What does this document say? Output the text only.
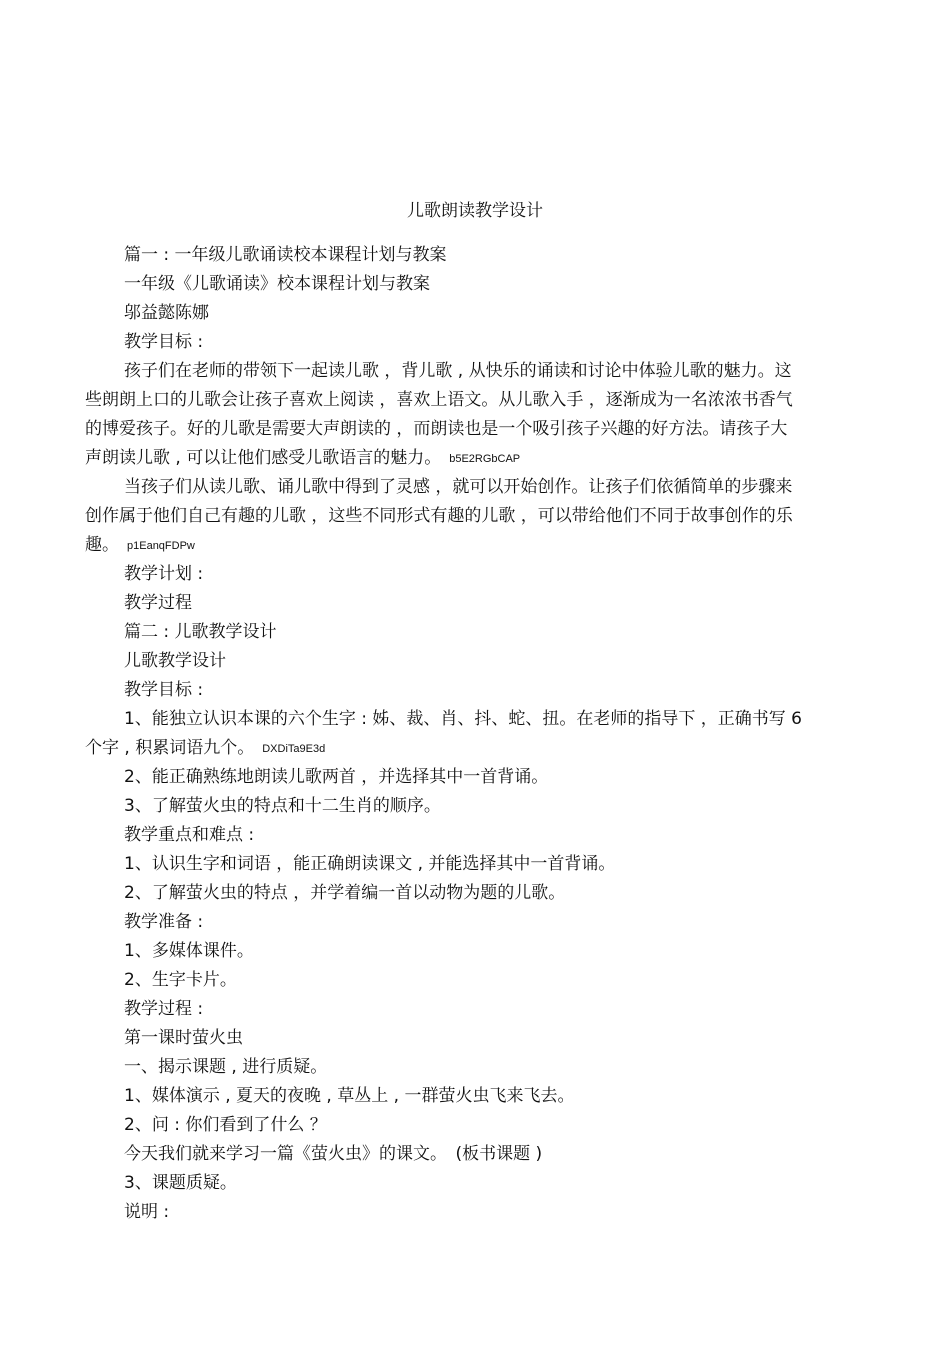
儿歌朗读教学设计
篇一 : 一年级儿歌诵读校本课程计划与教案
一年级《儿歌诵读》校本课程计划与教案
邬益懿陈娜
教学目标 :
孩子们在老师的带领下一起读儿歌 ，背儿歌 , 从快乐的诵读和讨论中体验儿歌的魅力。这
些朗朗上口的儿歌会让孩子喜欢上阅读 ，喜欢上语文。从儿歌入手 ，逐渐成为一名浓浓书香气
的博爱孩子。好的儿歌是需要大声朗读的 ，而朗读也是一个吸引孩子兴趣的好方法。请孩子大
声朗读儿歌 , 可以让他们感受儿歌语言的魅力。 b5E2RGbCAP
当孩子们从读儿歌、诵儿歌中得到了灵感 ，就可以开始创作。让孩子们依循简单的步骤来
创作属于他们自己有趣的儿歌 ，这些不同形式有趣的儿歌 ，可以带给他们不同于故事创作的乐
趣。 p1EanqFDPw
教学计划 :
教学过程
篇二 : 儿歌教学设计
儿歌教学设计
教学目标 :
1、能独立认识本课的六个生字 : 姊、裁、肖、抖、蛇、扭。在老师的指导下 ，正确书写 6
个字 , 积累词语九个。 DXDiTa9E3d
2、能正确熟练地朗读儿歌两首 ，并选择其中一首背诵。
3、了解萤火虫的特点和十二生肖的顺序。
教学重点和难点 :
1、认识生字和词语 ，能正确朗读课文 , 并能选择其中一首背诵。
2、了解萤火虫的特点 ，并学着编一首以动物为题的儿歌。
教学准备 :
1、多媒体课件。
2、生字卡片。
教学过程 :
第一课时萤火虫
一、揭示课题 , 进行质疑。
1、媒体演示 , 夏天的夜晚 , 草丛上 , 一群萤火虫飞来飞去。
2、问 : 你们看到了什么 ？
今天我们就来学习一篇《萤火虫》的课文。　(板书课题 )
3、课题质疑。
说明 :
